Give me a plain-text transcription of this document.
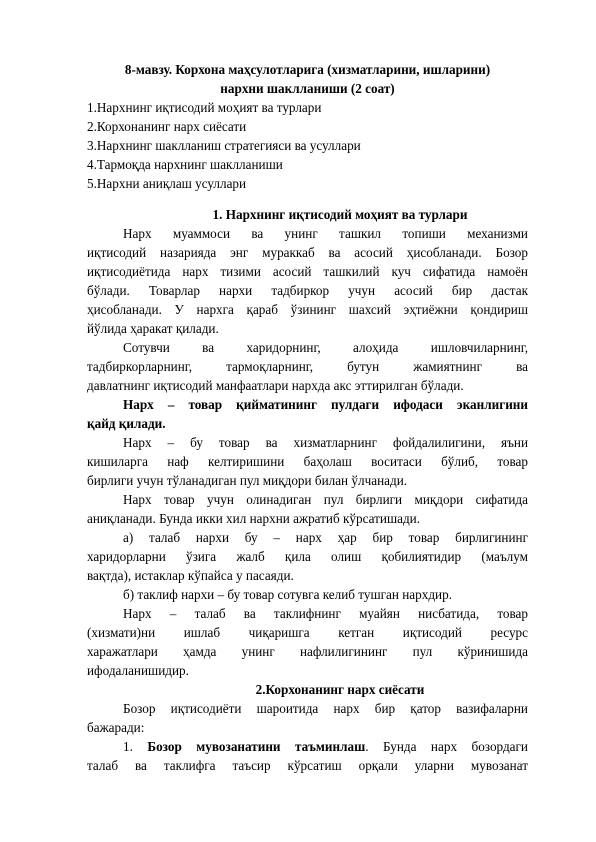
8-мавзу. Корхона маҳсулотларига (хизматларини, ишларини)
нархни шаклланиши (2 соат)
1.Нархнинг иқтисодий моҳият ва турлари
2.Корхонанинг нарх сиёсати
3.Нархнинг шаклланиш стратегияси ва усуллари
4.Тармоқда нархнинг шаклланиши
5.Нархни аниқлаш усуллари
1. Нархнинг иқтисодий моҳият ва турлари
Нарх муаммоси ва унинг ташкил топиши механизми
иқтисодий назарияда энг мураккаб ва асосий ҳисобланади. Бозор
иқтисодиётида нарх тизими асосий ташкилий куч сифатида намоён
бўлади. Товарлар нархи тадбиркор учун асосий бир дастак
ҳисобланади. У нархга қараб ўзининг шахсий эҳтиёжни қондириш
йўлида ҳаракат қилади.
Сотувчи ва харидорнинг, алоҳида ишловчиларнинг,
тадбиркорларнинг, тармоқларнинг, бутун жамиятнинг ва
давлатнинг иқтисодий манфаатлари нархда акс эттирилган бўлади.
Нарх – товар қийматининг пулдаги ифодаси эканлигини
қайд қилади.
Нарх – бу товар ва хизматларнинг фойдалилигини, яъни
кишиларга наф келтиришини баҳолаш воситаси бўлиб, товар
бирлиги учун тўланадиган пул миқдори билан ўлчанади.
Нарх товар учун олинадиган пул бирлиги миқдори сифатида
аниқланади. Бунда икки хил нархни ажратиб кўрсатишади.
а) талаб нархи бу – нарх ҳар бир товар бирлигининг
харидорларни ўзига жалб қила олиш қобилиятидир (маълум
вақтда), истаклар кўпайса у пасаяди.
б) таклиф нархи – бу товар сотувга келиб тушган нархдир.
Нарх – талаб ва таклифнинг муайян нисбатида, товар
(хизмати)ни ишлаб чиқаришга кетган иқтисодий ресурс
харажатлари ҳамда унинг нафлилигининг пул кўринишида
ифодаланишидир.
2.Корхонанинг нарх сиёсати
Бозор иқтисодиёти шароитида нарх бир қатор вазифаларни
бажаради:
1. Бозор мувозанатини таъминлаш. Бунда нарх бозордаги
талаб ва таклифга таъсир кўрсатиш орқали уларни мувозанат
